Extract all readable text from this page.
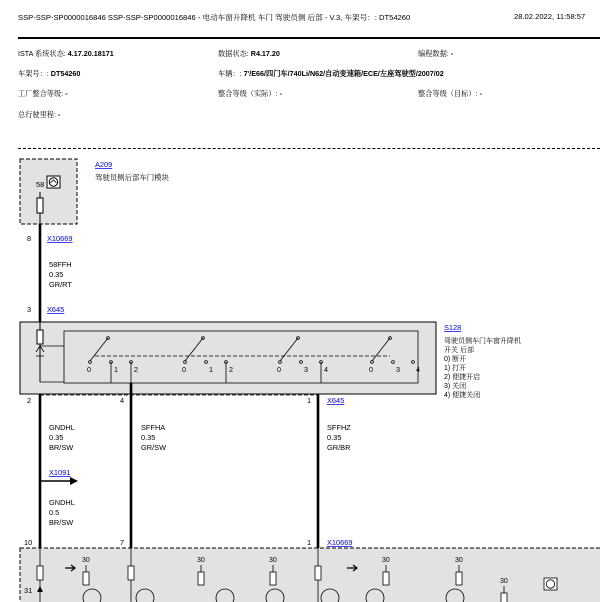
SSP-SSP-SP0000016846 SSP-SSP-SP0000016846 - 电动车窗升降机 车门 驾驶员侧 后部 - V.3, 车架号：: DT54260	28.02.2022, 11:58:57
ISTA 系统状态: 4.17.20.18171	数据状态: R4.17.20	编程数据: -
车架号：: DT54260	车辆：: 7'/E66/四门车/740Li/N62/自动变速箱/ECE/左座驾驶型/2007/02
工厂整合等级: -	整合等级（实际）: -	整合等级（目标）: -
总行驶里程: -
58
A209
驾驶员侧后部车门模块
8 X10669
58FFH
0.35
GR/RT
3 X645
0	1 2	0	1 2	0	3 4	0	3 4
S128
驾驶员侧车门车窗升降机
开关 后部
0) 断开
1) 打开
2) 便捷开启
3) 关闭
4) 便捷关闭
2	4	1 X645
GNDHL
0.35
BR/SW
SFFHA
0.35
GR/SW
SFFHZ
0.35
GR/BR
X1091
GNDHL
0.5
BR/SW
10	7	1 X10669
31
30	30	30	30	30
30
